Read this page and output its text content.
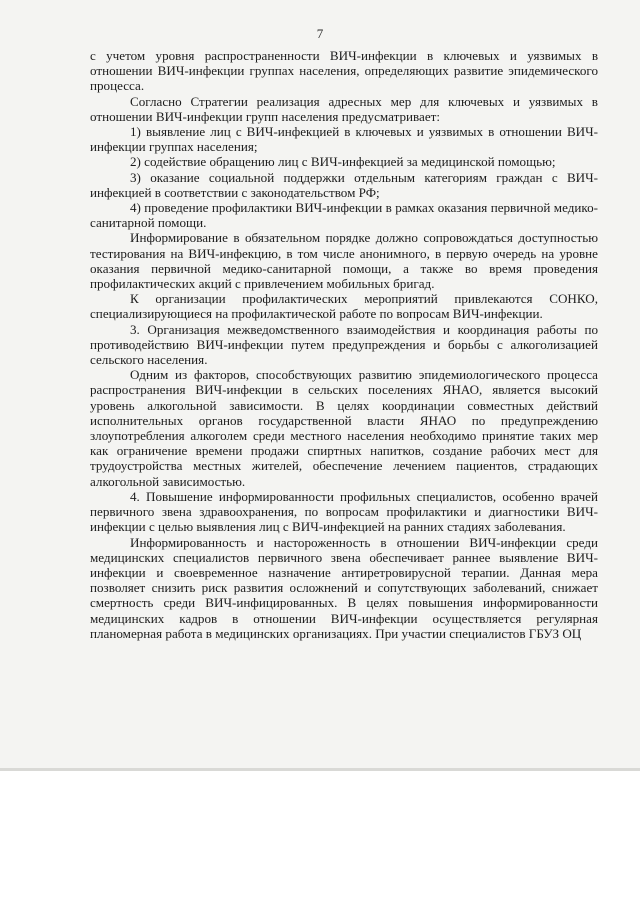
7

с учетом уровня распространенности ВИЧ-инфекции в ключевых и уязвимых в отношении ВИЧ-инфекции группах населения, определяющих развитие эпидемического процесса.

Согласно Стратегии реализация адресных мер для ключевых и уязвимых в отношении ВИЧ-инфекции групп населения предусматривает:

1) выявление лиц с ВИЧ-инфекцией в ключевых и уязвимых в отношении ВИЧ-инфекции группах населения;

2) содействие обращению лиц с ВИЧ-инфекцией за медицинской помощью;

3) оказание социальной поддержки отдельным категориям граждан с ВИЧ-инфекцией в соответствии с законодательством РФ;

4) проведение профилактики ВИЧ-инфекции в рамках оказания первичной медико-санитарной помощи.

Информирование в обязательном порядке должно сопровождаться доступностью тестирования на ВИЧ-инфекцию, в том числе анонимного, в первую очередь на уровне оказания первичной медико-санитарной помощи, а также во время проведения профилактических акций с привлечением мобильных бригад.

К организации профилактических мероприятий привлекаются СОНКО, специализирующиеся на профилактической работе по вопросам ВИЧ-инфекции.

3. Организация межведомственного взаимодействия и координация работы по противодействию ВИЧ-инфекции путем предупреждения и борьбы с алкоголизацией сельского населения.

Одним из факторов, способствующих развитию эпидемиологического процесса распространения ВИЧ-инфекции в сельских поселениях ЯНАО, является высокий уровень алкогольной зависимости. В целях координации совместных действий исполнительных органов государственной власти ЯНАО по предупреждению злоупотребления алкоголем среди местного населения необходимо принятие таких мер как ограничение времени продажи спиртных напитков, создание рабочих мест для трудоустройства местных жителей, обеспечение лечением пациентов, страдающих алкогольной зависимостью.

4. Повышение информированности профильных специалистов, особенно врачей первичного звена здравоохранения, по вопросам профилактики и диагностики ВИЧ-инфекции с целью выявления лиц с ВИЧ-инфекцией на ранних стадиях заболевания.

Информированность и настороженность в отношении ВИЧ-инфекции среди медицинских специалистов первичного звена обеспечивает раннее выявление ВИЧ-инфекции и своевременное назначение антиретровирусной терапии. Данная мера позволяет снизить риск развития осложнений и сопутствующих заболеваний, снижает смертность среди ВИЧ-инфицированных. В целях повышения информированности медицинских кадров в отношении ВИЧ-инфекции осуществляется регулярная планомерная работа в медицинских организациях. При участии специалистов ГБУЗ ОЦ
